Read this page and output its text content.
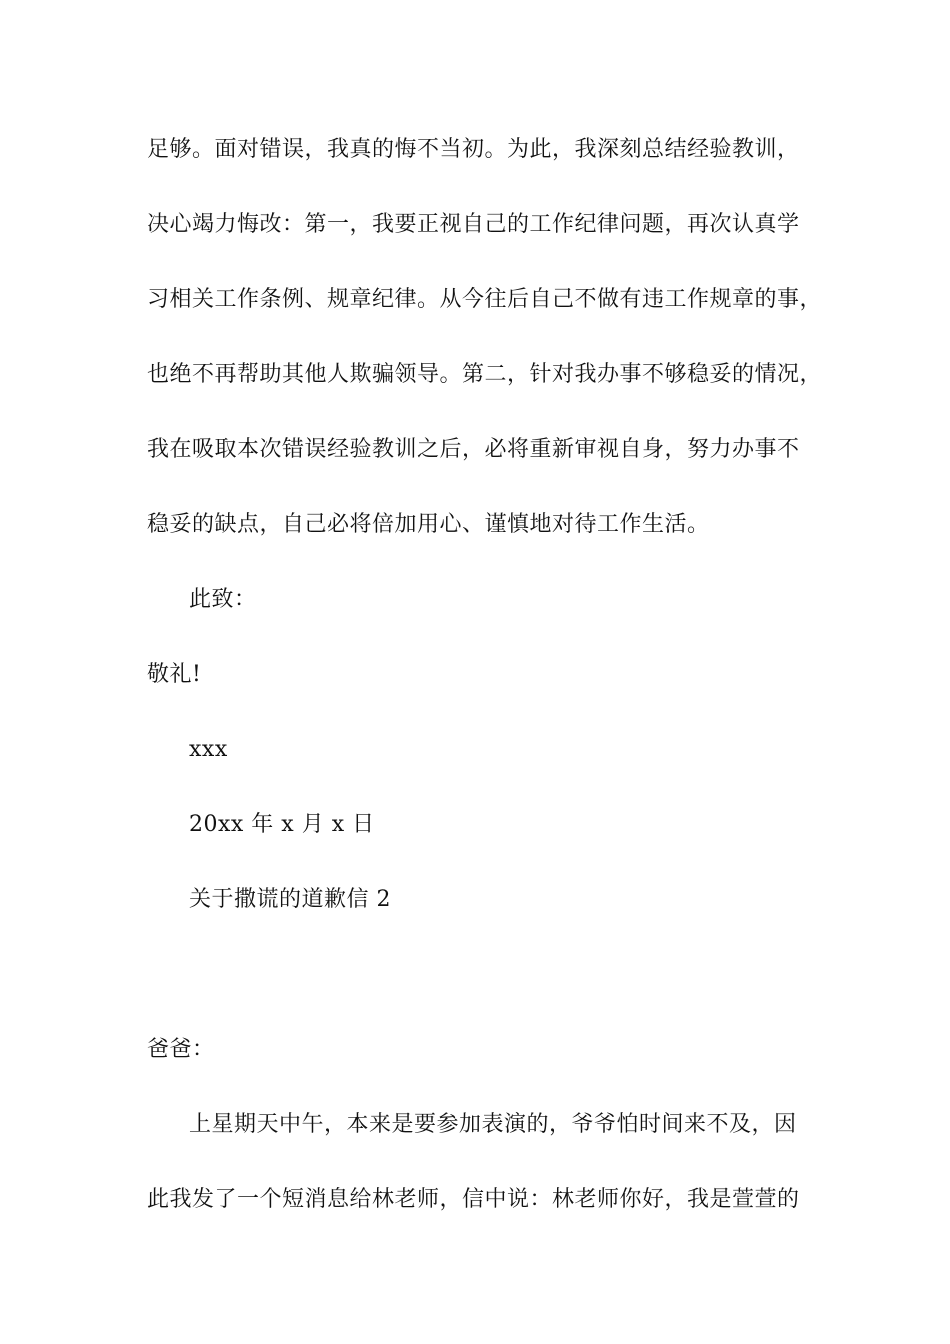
足够。面对错误，我真的悔不当初。为此，我深刻总结经验教训，
决心竭力悔改：第一，我要正视自己的工作纪律问题，再次认真学
习相关工作条例、规章纪律。从今往后自己不做有违工作规章的事，
也绝不再帮助其他人欺骗领导。第二，针对我办事不够稳妥的情况，
我在吸取本次错误经验教训之后，必将重新审视自身，努力办事不
稳妥的缺点，自己必将倍加用心、谨慎地对待工作生活。
此致：
敬礼!
xxx
20xx 年 x 月 x 日
关于撒谎的道歉信 2
爸爸：
上星期天中午，本来是要参加表演的，爷爷怕时间来不及，因
此我发了一个短消息给林老师，信中说：林老师你好，我是萱萱的
